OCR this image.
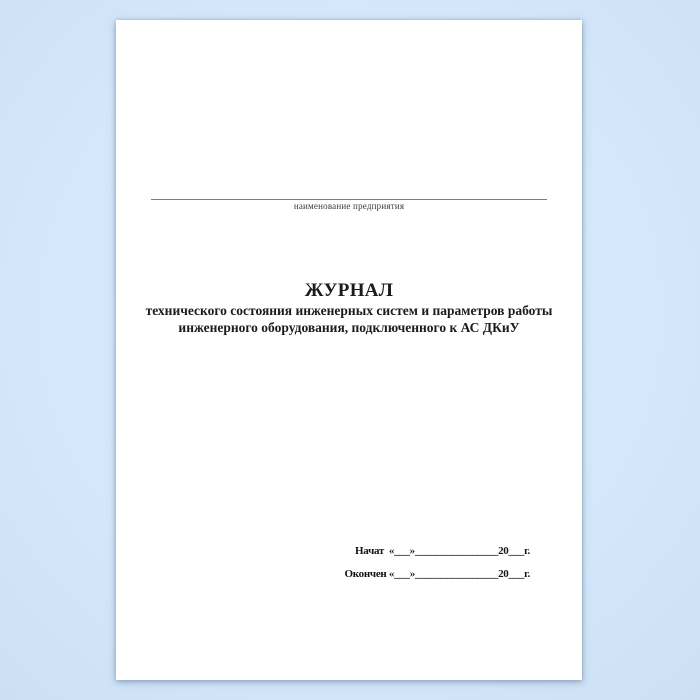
наименование предприятия
ЖУРНАЛ
технического состояния инженерных систем и параметров работы
инженерного оборудования, подключенного к АС ДКиУ
Начат  «___»________________20___г.
Окончен «___»________________20___г.
